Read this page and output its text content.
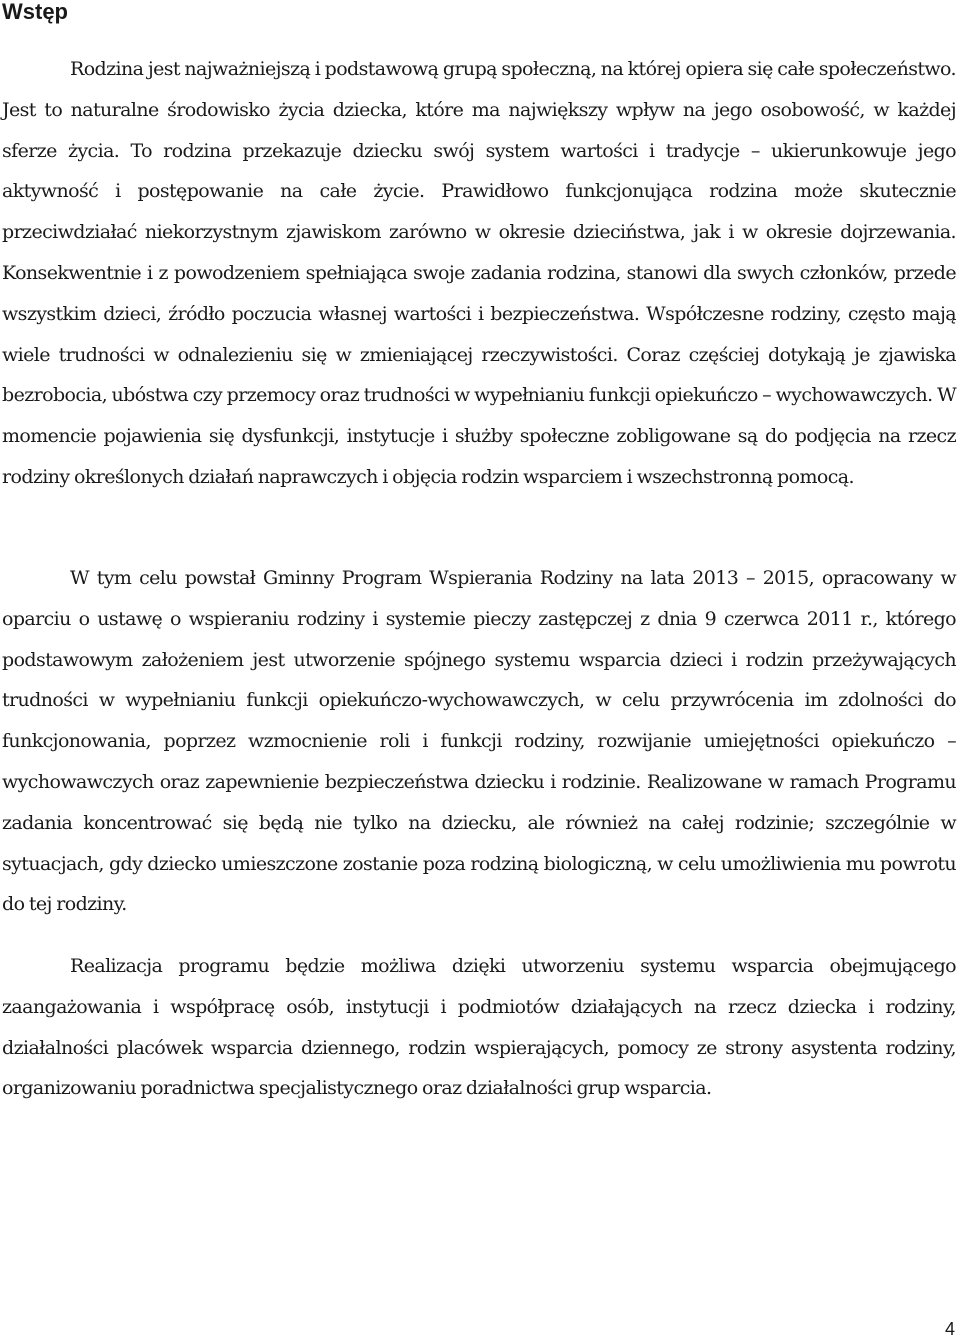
Wstęp

Rodzina jest najważniejszą i podstawową grupą społeczną, na której opiera się całe społeczeństwo. Jest to naturalne środowisko życia dziecka, które ma największy wpływ na jego osobowość, w każdej sferze życia. To rodzina przekazuje dziecku swój system wartości i tradycje – ukierunkowuje jego aktywność i postępowanie na całe życie. Prawidłowo funkcjonująca rodzina może skutecznie przeciwdziałać niekorzystnym zjawiskom zarówno w okresie dzieciństwa, jak i w okresie dojrzewania. Konsekwentnie i z powodzeniem spełniająca swoje zadania rodzina, stanowi dla swych członków, przede wszystkim dzieci, źródło poczucia własnej wartości i bezpieczeństwa. Współczesne rodziny, często mają wiele trudności w odnalezieniu się w zmieniającej rzeczywistości. Coraz częściej dotykają je zjawiska bezrobocia, ubóstwa czy przemocy oraz trudności w wypełnianiu funkcji opiekuńczo – wychowawczych. W momencie pojawienia się dysfunkcji, instytucje i służby społeczne zobligowane są do podjęcia na rzecz rodziny określonych działań naprawczych i objęcia rodzin wsparciem i wszechstronną pomocą.

W tym celu powstał Gminny Program Wspierania Rodziny na lata 2013 – 2015, opracowany w oparciu o ustawę o wspieraniu rodziny i systemie pieczy zastępczej z dnia 9 czerwca 2011 r., którego podstawowym założeniem jest utworzenie spójnego systemu wsparcia dzieci i rodzin przeżywających trudności w wypełnianiu funkcji opiekuńczo-wychowawczych, w celu przywrócenia im zdolności do funkcjonowania, poprzez wzmocnienie roli i funkcji rodziny, rozwijanie umiejętności opiekuńczo – wychowawczych oraz zapewnienie bezpieczeństwa dziecku i rodzinie. Realizowane w ramach Programu zadania koncentrować się będą nie tylko na dziecku, ale również na całej rodzinie; szczególnie w sytuacjach, gdy dziecko umieszczone zostanie poza rodziną biologiczną, w celu umożliwienia mu powrotu do tej rodziny.

Realizacja programu będzie możliwa dzięki utworzeniu systemu wsparcia obejmującego zaangażowania i współpracę osób, instytucji i podmiotów działających na rzecz dziecka i rodziny, działalności placówek wsparcia dziennego, rodzin wspierających, pomocy ze strony asystenta rodziny, organizowaniu poradnictwa specjalistycznego oraz działalności grup wsparcia.

4
